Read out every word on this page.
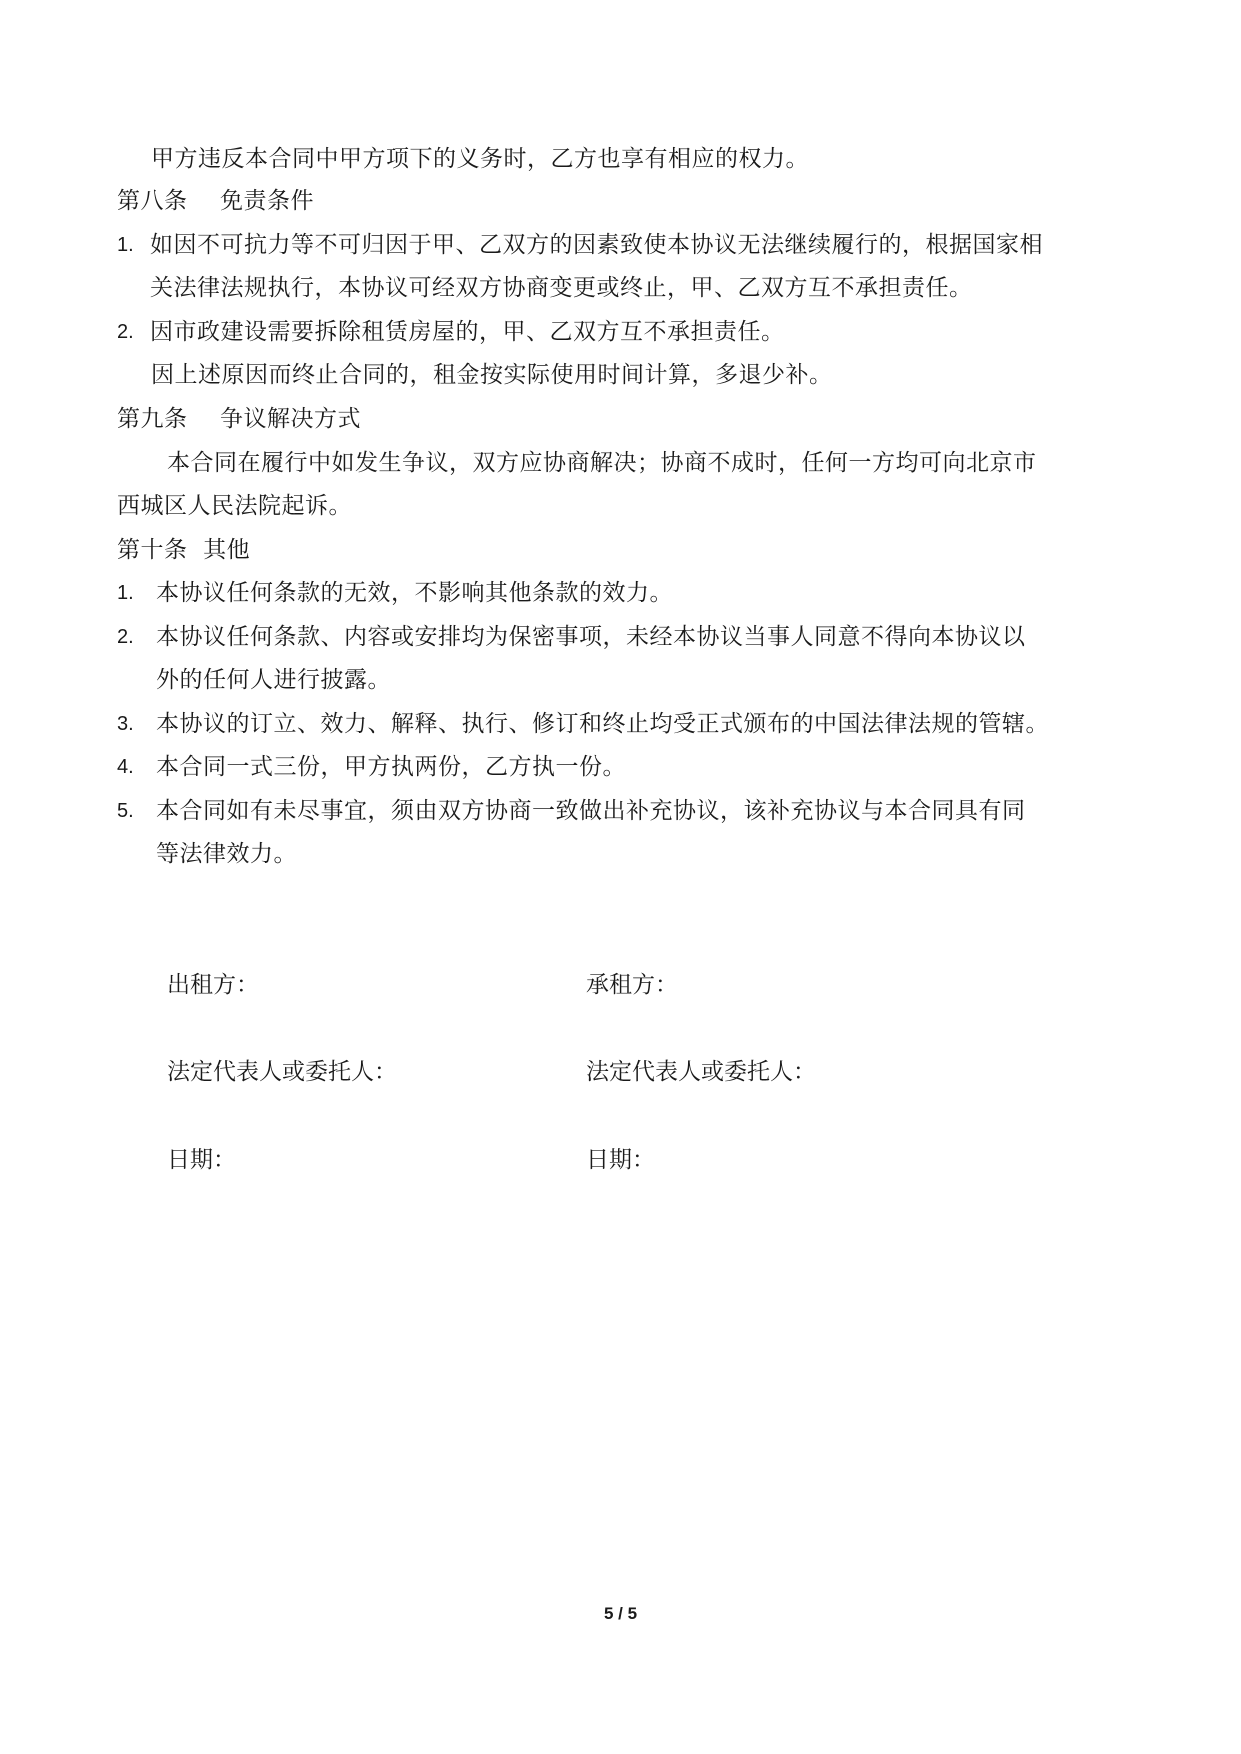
甲方违反本合同中甲方项下的义务时，乙方也享有相应的权力。
第八条 免责条件
1. 如因不可抗力等不可归因于甲、乙双方的因素致使本协议无法继续履行的，根据国家相
关法律法规执行，本协议可经双方协商变更或终止，甲、乙双方互不承担责任。
2. 因市政建设需要拆除租赁房屋的，甲、乙双方互不承担责任。
因上述原因而终止合同的，租金按实际使用时间计算，多退少补。
第九条 争议解决方式
本合同在履行中如发生争议，双方应协商解决；协商不成时，任何一方均可向北京市
西城区人民法院起诉。
第十条  其他
1. 本协议任何条款的无效，不影响其他条款的效力。
2. 本协议任何条款、内容或安排均为保密事项，未经本协议当事人同意不得向本协议以
外的任何人进行披露。
3. 本协议的订立、效力、解释、执行、修订和终止均受正式颁布的中国法律法规的管辖。
4. 本合同一式三份，甲方执两份，乙方执一份。
5. 本合同如有未尽事宜，须由双方协商一致做出补充协议，该补充协议与本合同具有同
等法律效力。
出租方：	承租方：
法定代表人或委托人：	法定代表人或委托人：
日期：	日期：
5 / 5
